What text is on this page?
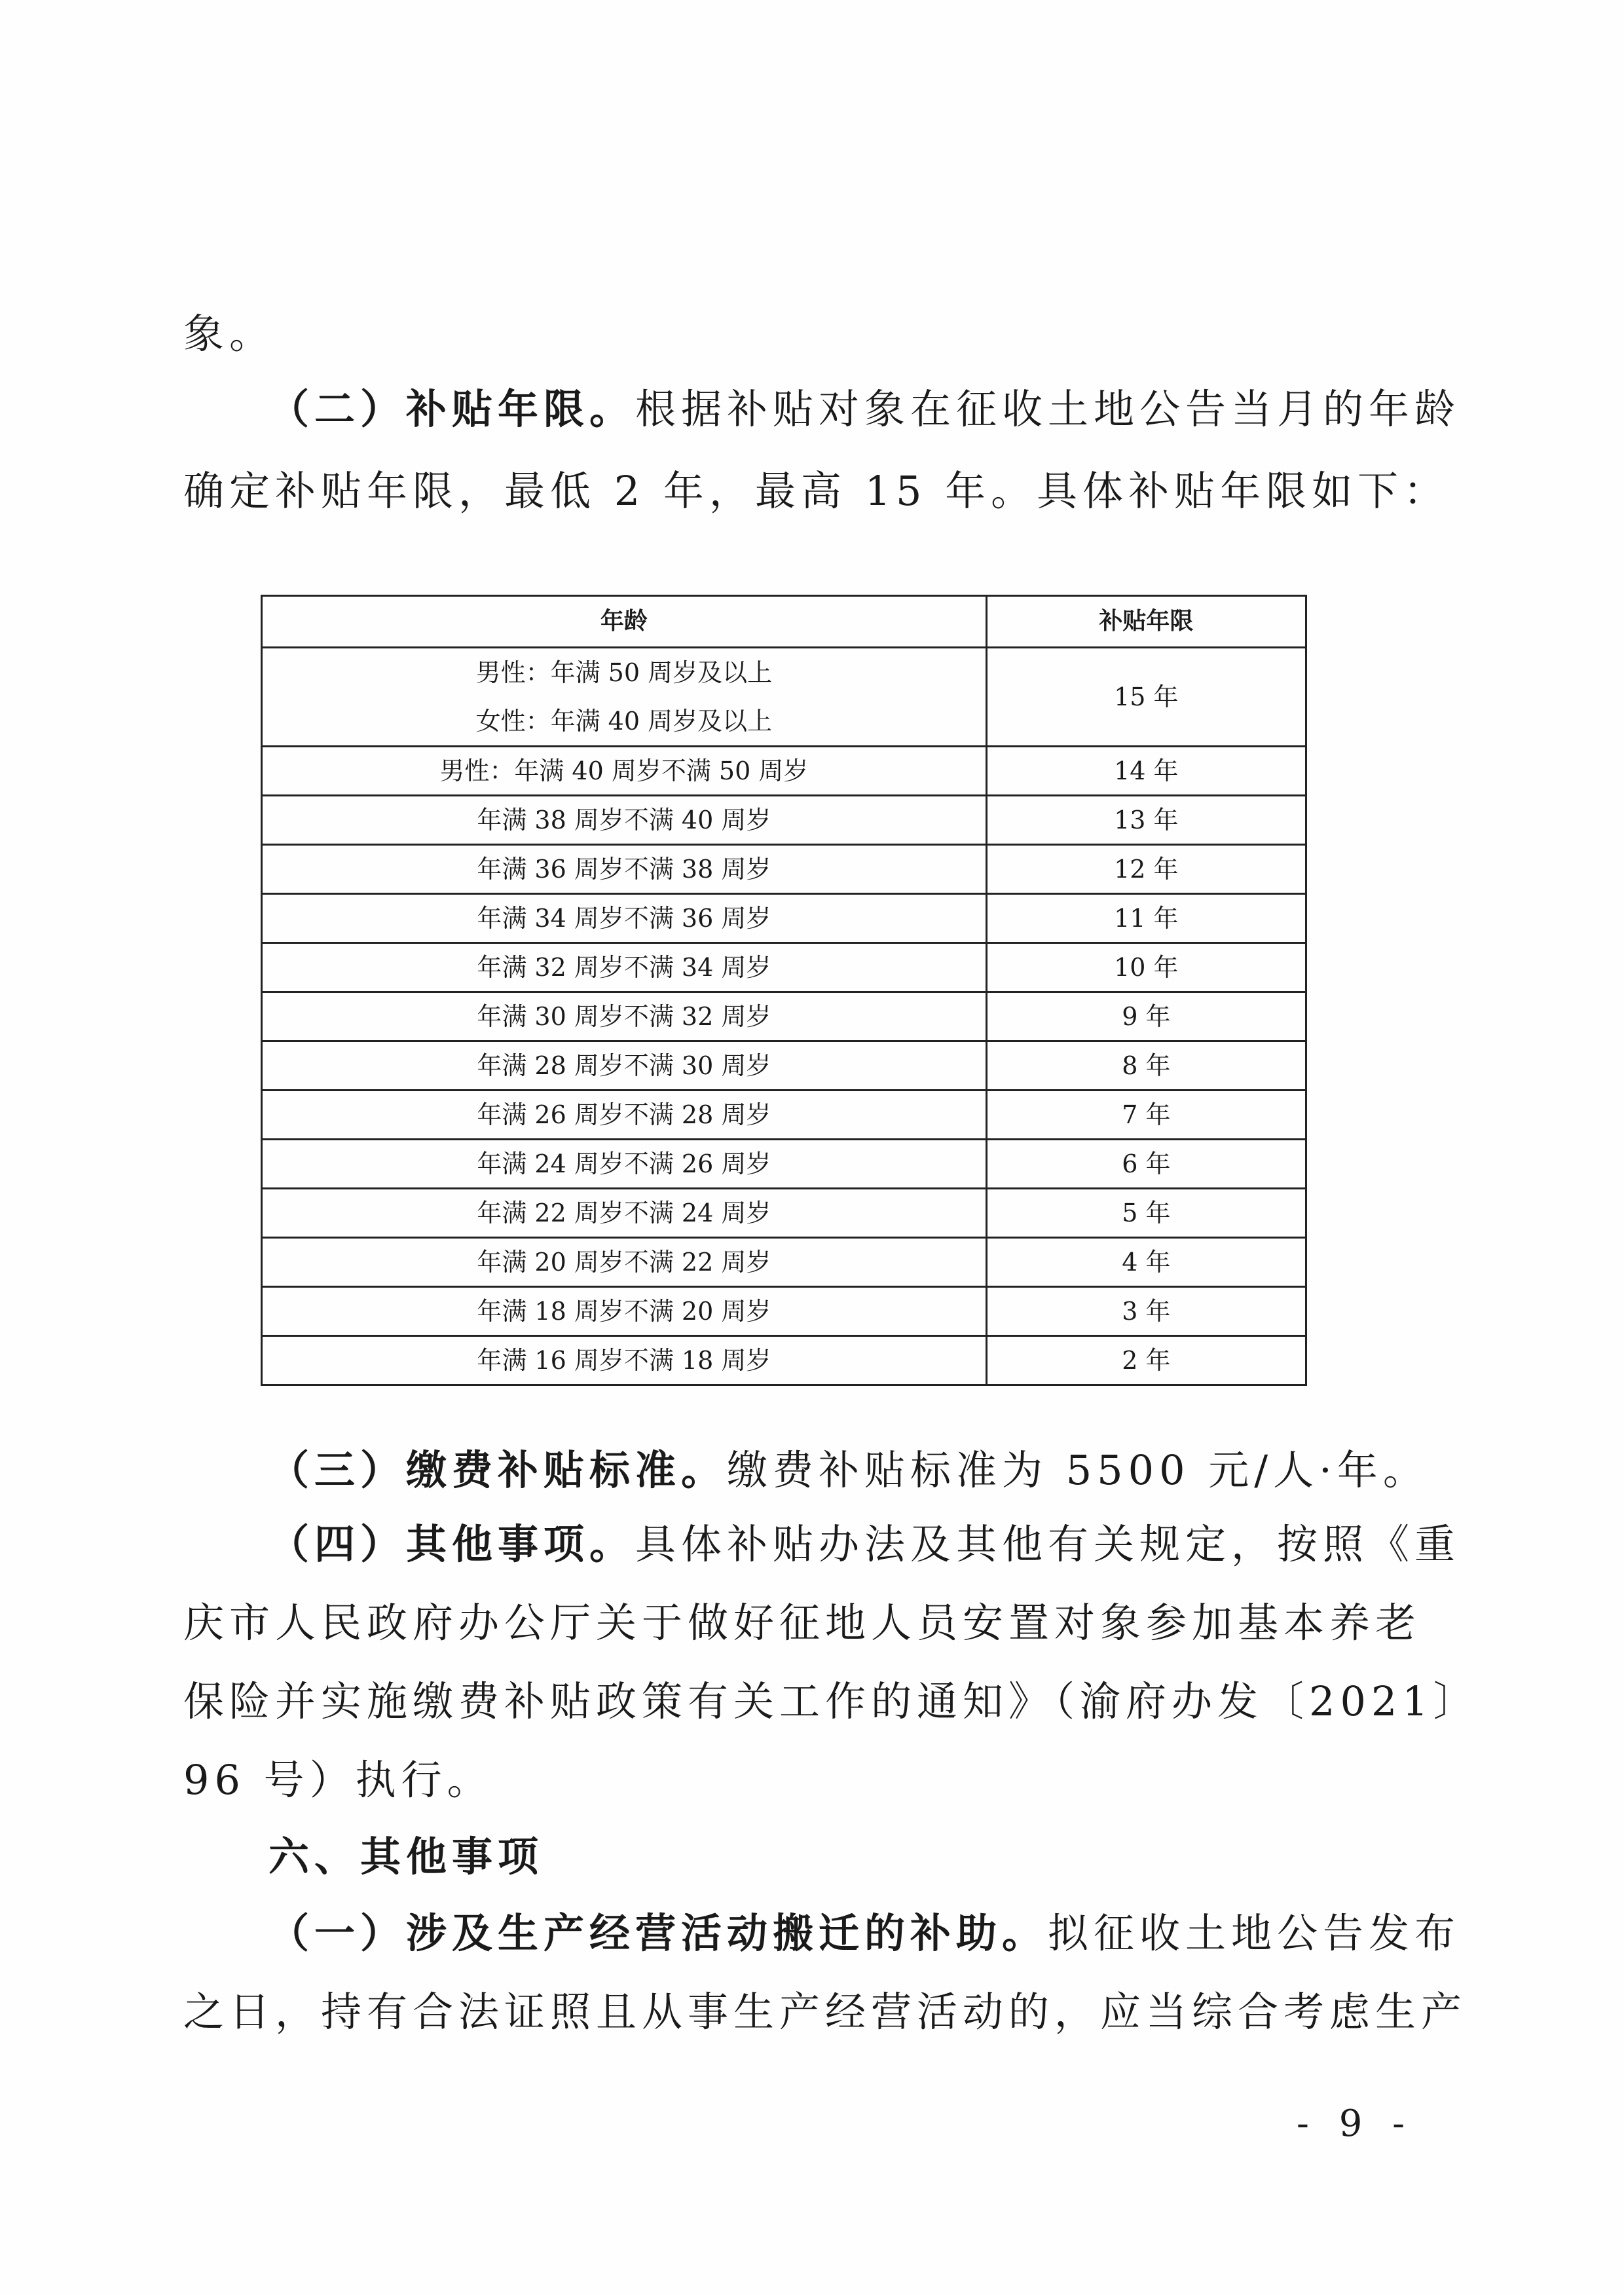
象。

（二）补贴年限。根据补贴对象在征收土地公告当月的年龄

确定补贴年限，最低 2 年，最高 15 年。具体补贴年限如下：

年龄	补贴年限

男性：年满 50 周岁及以上
女性：年满 40 周岁及以上	15 年
男性：年满 40 周岁不满 50 周岁	14 年
年满 38 周岁不满 40 周岁	13 年
年满 36 周岁不满 38 周岁	12 年
年满 34 周岁不满 36 周岁	11 年
年满 32 周岁不满 34 周岁	10 年
年满 30 周岁不满 32 周岁	9 年
年满 28 周岁不满 30 周岁	8 年
年满 26 周岁不满 28 周岁	7 年
年满 24 周岁不满 26 周岁	6 年
年满 22 周岁不满 24 周岁	5 年
年满 20 周岁不满 22 周岁	4 年
年满 18 周岁不满 20 周岁	3 年
年满 16 周岁不满 18 周岁	2 年

（三）缴费补贴标准。缴费补贴标准为 5500 元/人·年。

（四）其他事项。具体补贴办法及其他有关规定，按照《重

庆市人民政府办公厅关于做好征地人员安置对象参加基本养老

保险并实施缴费补贴政策有关工作的通知》（渝府办发〔2021〕

96 号）执行。

六、其他事项

（一）涉及生产经营活动搬迁的补助。拟征收土地公告发布

之日，持有合法证照且从事生产经营活动的，应当综合考虑生产

- 9 -
